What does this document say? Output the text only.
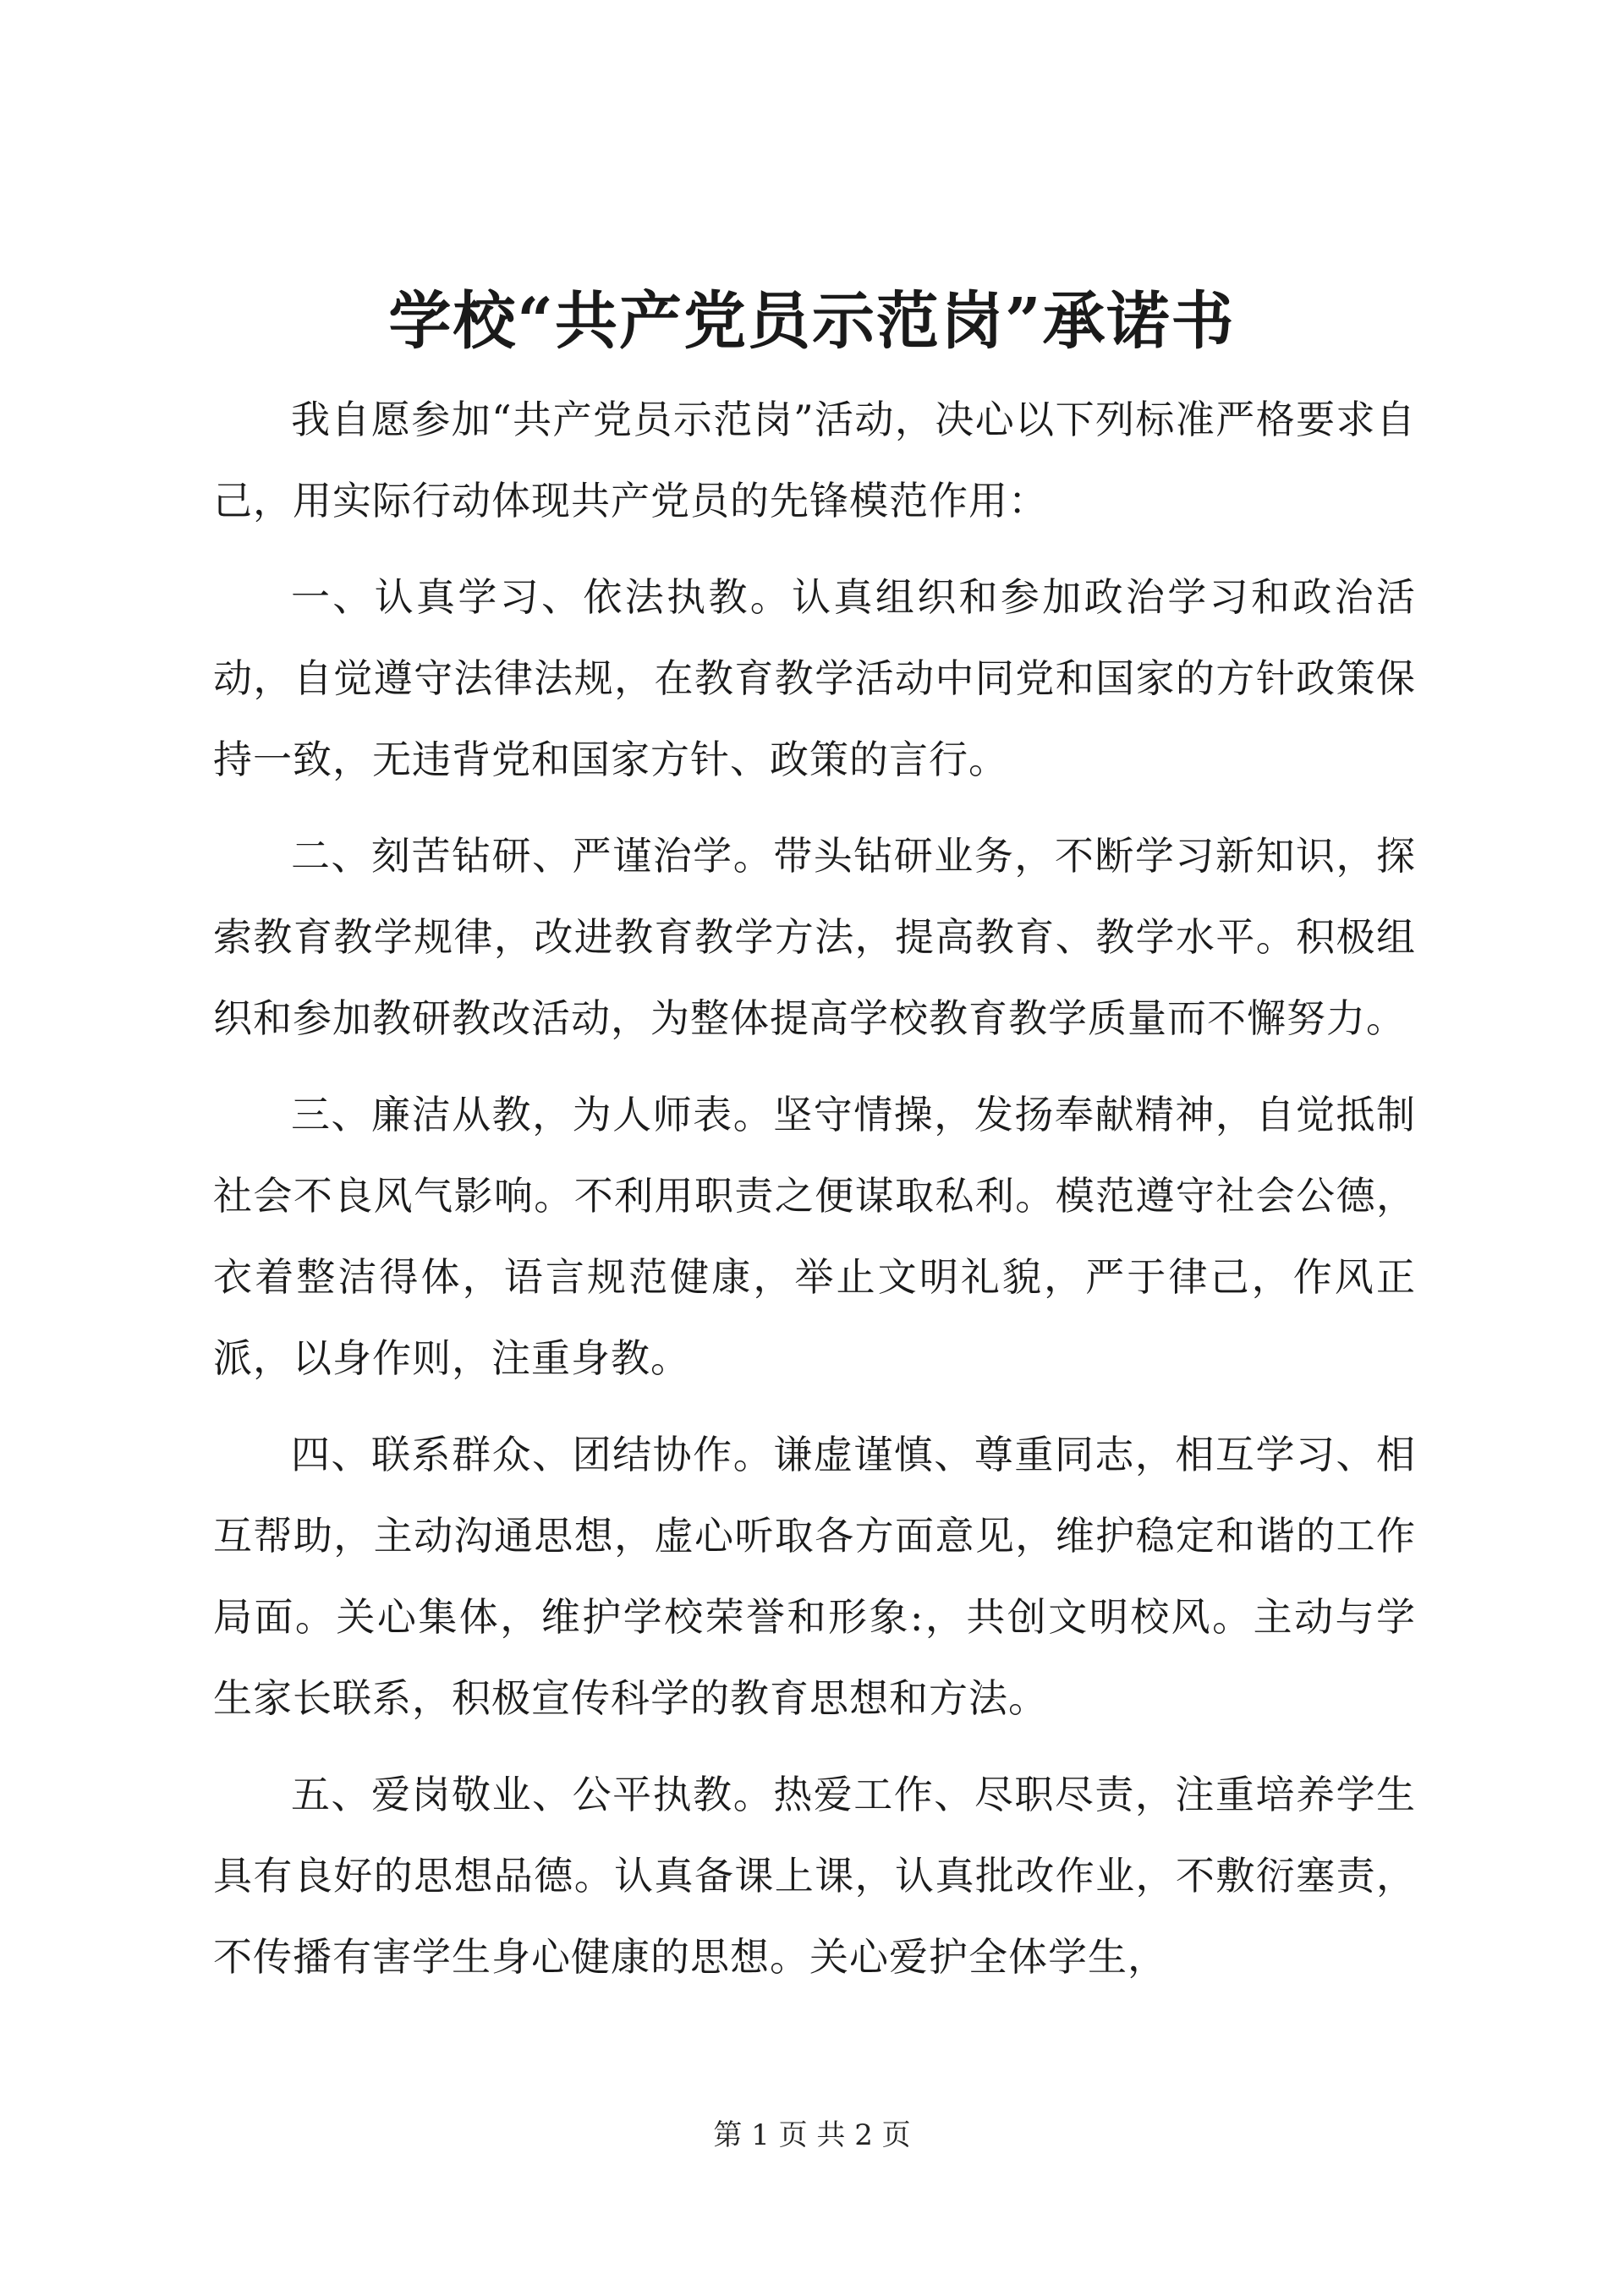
学校“共产党员示范岗”承诺书

我自愿参加“共产党员示范岗”活动，决心以下列标准严格要求自己，用实际行动体现共产党员的先锋模范作用：

一、认真学习、依法执教。认真组织和参加政治学习和政治活动，自觉遵守法律法规，在教育教学活动中同党和国家的方针政策保持一致，无违背党和国家方针、政策的言行。

二、刻苦钻研、严谨治学。带头钻研业务，不断学习新知识，探索教育教学规律，改进教育教学方法，提高教育、教学水平。积极组织和参加教研教改活动，为整体提高学校教育教学质量而不懈努力。

三、廉洁从教，为人师表。坚守情操，发扬奉献精神，自觉抵制社会不良风气影响。不利用职责之便谋取私利。模范遵守社会公德，衣着整洁得体，语言规范健康，举止文明礼貌，严于律己，作风正派，以身作则，注重身教。

四、联系群众、团结协作。谦虚谨慎、尊重同志，相互学习、相互帮助，主动沟通思想，虚心听取各方面意见，维护稳定和谐的工作局面。关心集体，维护学校荣誉和形象:，共创文明校风。主动与学生家长联系，积极宣传科学的教育思想和方法。

五、爱岗敬业、公平执教。热爱工作、尽职尽责，注重培养学生具有良好的思想品德。认真备课上课，认真批改作业，不敷衍塞责，不传播有害学生身心健康的思想。关心爱护全体学生，

第 1 页 共 2 页
